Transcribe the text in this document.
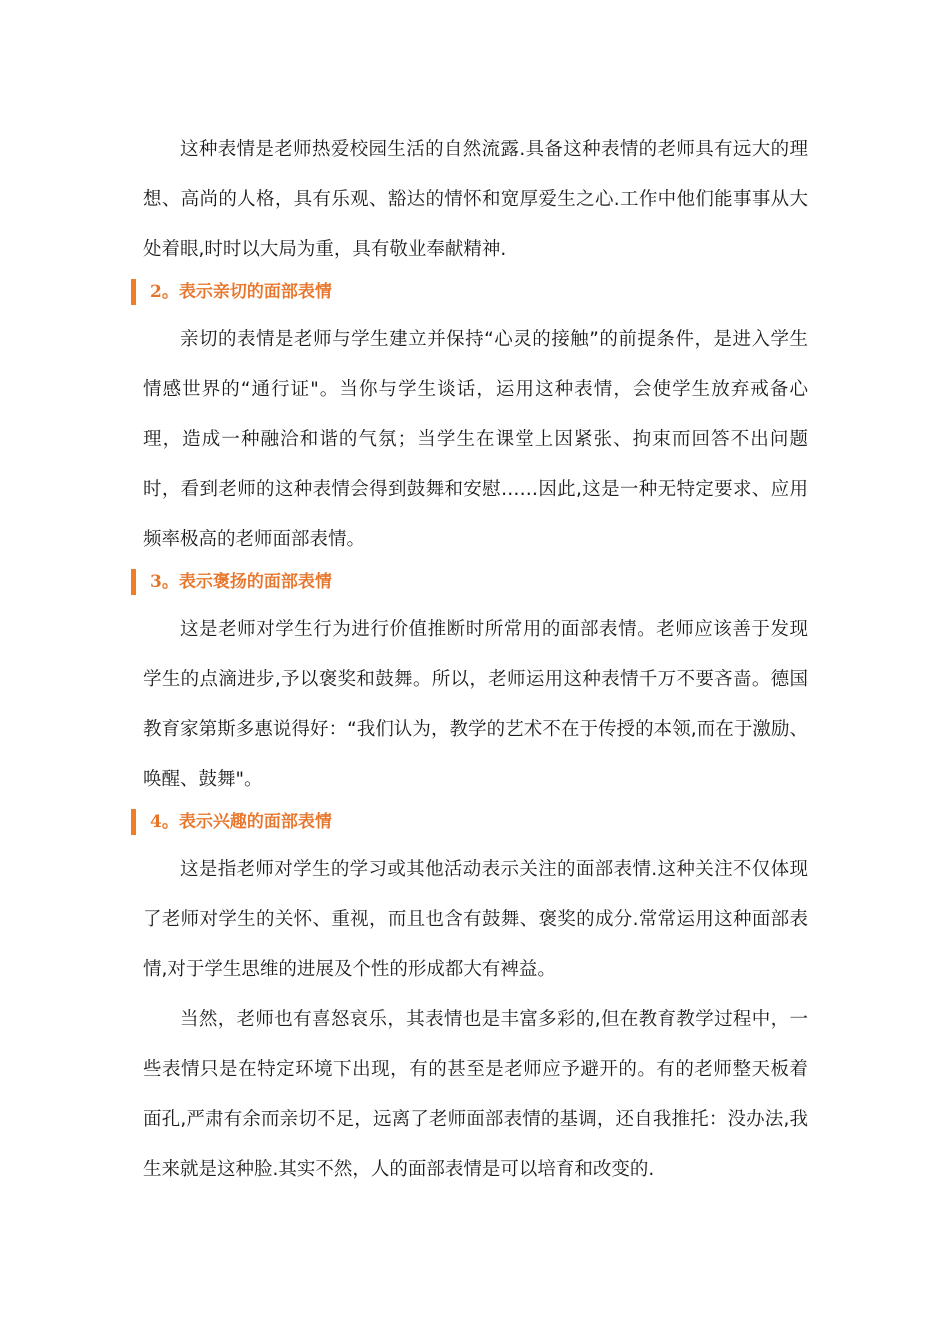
这种表情是老师热爱校园生活的自然流露.具备这种表情的老师具有远大的理想、高尚的人格，具有乐观、豁达的情怀和宽厚爱生之心.工作中他们能事事从大处着眼,时时以大局为重，具有敬业奉献精神.

2。表示亲切的面部表情

亲切的表情是老师与学生建立并保持“心灵的接触”的前提条件，是进入学生情感世界的“通行证"。当你与学生谈话，运用这种表情，会使学生放弃戒备心理，造成一种融洽和谐的气氛；当学生在课堂上因紧张、拘束而回答不出问题时，看到老师的这种表情会得到鼓舞和安慰……因此,这是一种无特定要求、应用频率极高的老师面部表情。

3。表示褒扬的面部表情

这是老师对学生行为进行价值推断时所常用的面部表情。老师应该善于发现学生的点滴进步,予以褒奖和鼓舞。所以，老师运用这种表情千万不要吝啬。德国教育家第斯多惠说得好：“我们认为，教学的艺术不在于传授的本领,而在于激励、唤醒、鼓舞"。

4。表示兴趣的面部表情

这是指老师对学生的学习或其他活动表示关注的面部表情.这种关注不仅体现了老师对学生的关怀、重视，而且也含有鼓舞、褒奖的成分.常常运用这种面部表情,对于学生思维的进展及个性的形成都大有裨益。

当然，老师也有喜怒哀乐，其表情也是丰富多彩的,但在教育教学过程中，一些表情只是在特定环境下出现，有的甚至是老师应予避开的。有的老师整天板着面孔,严肃有余而亲切不足，远离了老师面部表情的基调，还自我推托：没办法,我生来就是这种脸.其实不然，人的面部表情是可以培育和改变的.
